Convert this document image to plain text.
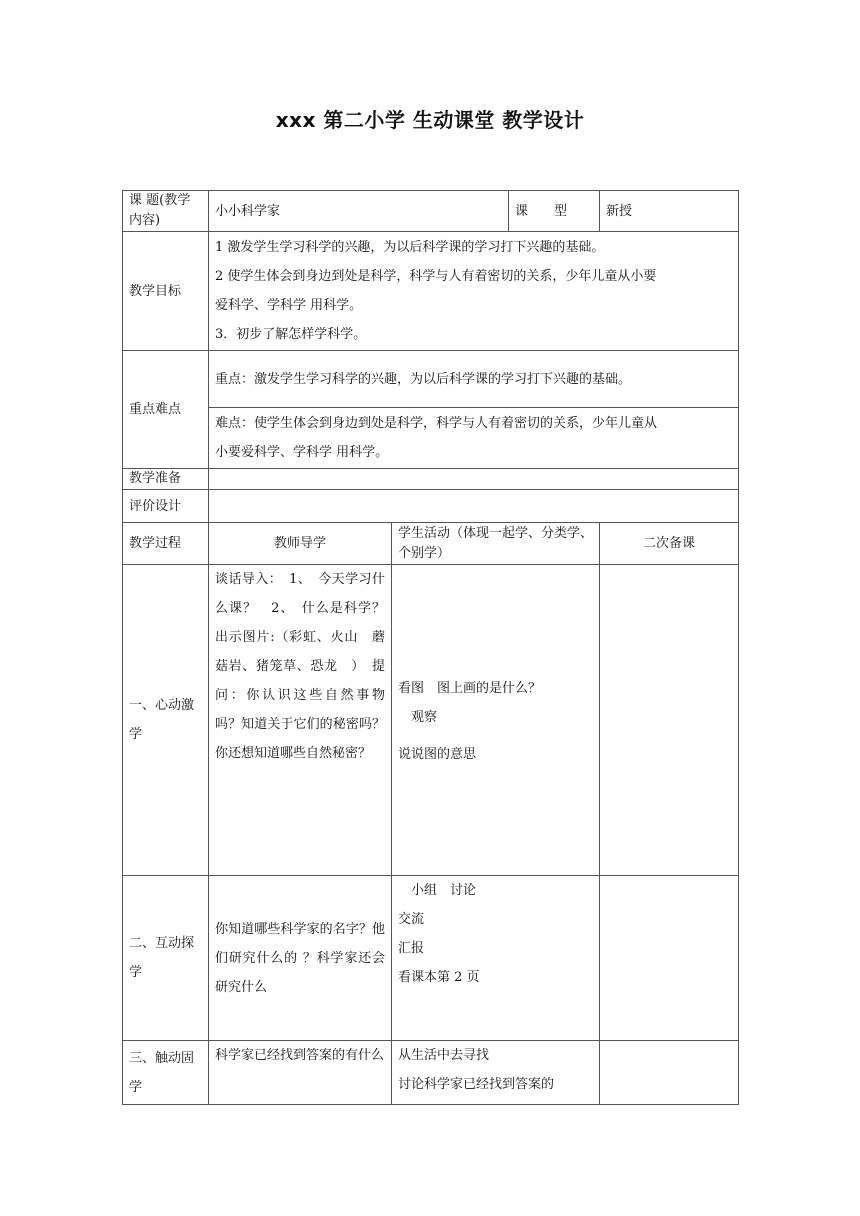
xxx 第二小学 生动课堂 教学设计
课 题(教学内容)	小小科学家		课　　型	新授
教学目标	1 激发学生学习科学的兴趣，为以后科学课的学习打下兴趣的基础。
2 使学生体会到身边到处是科学，科学与人有着密切的关系，少年儿童从小要
爱科学、学科学 用科学。
3．初步了解怎样学科学。			

重点难点	重点：激发学生学习科学的兴趣，为以后科学课的学习打下兴趣的基础。			

	难点：使学生体会到身边到处是科学，科学与人有着密切的关系，少年儿童从
小要爱科学、学科学 用科学。			

教学准备				
评价设计				
教学过程	教师导学	学生活动（体现一起学、分类学、个别学）		二次备课
一、心动激学	谈话导入：　1、　今天学习什么课？　2、　什么是科学？　　　　出示图片:（彩虹、火山　蘑菇岩、猪笼草、恐龙　）　提问：你认识这些自然事物　吗？知道关于它们的秘密吗？你还想知道哪些自然秘密？	看图　图上画的是什么？
　观察
说说图的意思		

二、互动探学	你知道哪些科学家的名字？他们研究什么的 ？科学家还会研究什么	　小组　讨论
交流
汇报
看课本第 2 页		

三、触动固学	科学家已经找到答案的有什么	从生活中去寻找
讨论科学家已经找到答案的		
